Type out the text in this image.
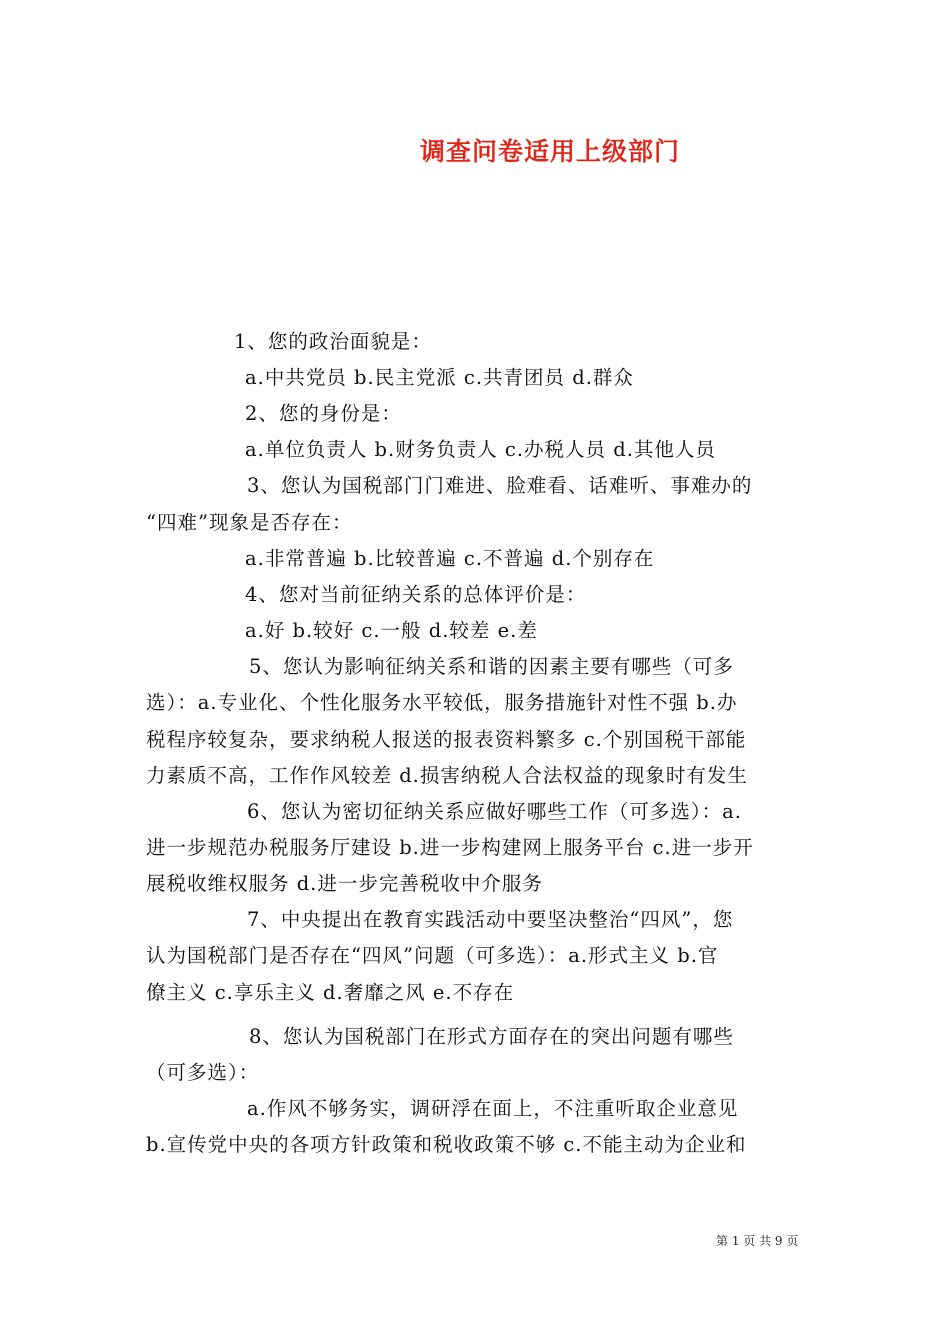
调查问卷适用上级部门
1、您的政治面貌是：
a.中共党员 b.民主党派 c.共青团员 d.群众
2、您的身份是：
a.单位负责人 b.财务负责人 c.办税人员 d.其他人员
3、您认为国税部门门难进、脸难看、话难听、事难办的
“四难”现象是否存在：
a.非常普遍 b.比较普遍 c.不普遍 d.个别存在
4、您对当前征纳关系的总体评价是：
a.好 b.较好 c.一般 d.较差 e.差
5、您认为影响征纳关系和谐的因素主要有哪些（可多
选）：a.专业化、个性化服务水平较低，服务措施针对性不强 b.办
税程序较复杂，要求纳税人报送的报表资料繁多 c.个别国税干部能
力素质不高，工作作风较差 d.损害纳税人合法权益的现象时有发生
6、您认为密切征纳关系应做好哪些工作（可多选）：a.
进一步规范办税服务厅建设 b.进一步构建网上服务平台 c.进一步开
展税收维权服务 d.进一步完善税收中介服务
7、中央提出在教育实践活动中要坚决整治“四风”，您
认为国税部门是否存在“四风”问题（可多选）：a.形式主义 b.官
僚主义 c.享乐主义 d.奢靡之风 e.不存在
8、您认为国税部门在形式方面存在的突出问题有哪些
（可多选）：
a.作风不够务实，调研浮在面上，不注重听取企业意见
b.宣传党中央的各项方针政策和税收政策不够 c.不能主动为企业和
第 1 页 共 9 页
